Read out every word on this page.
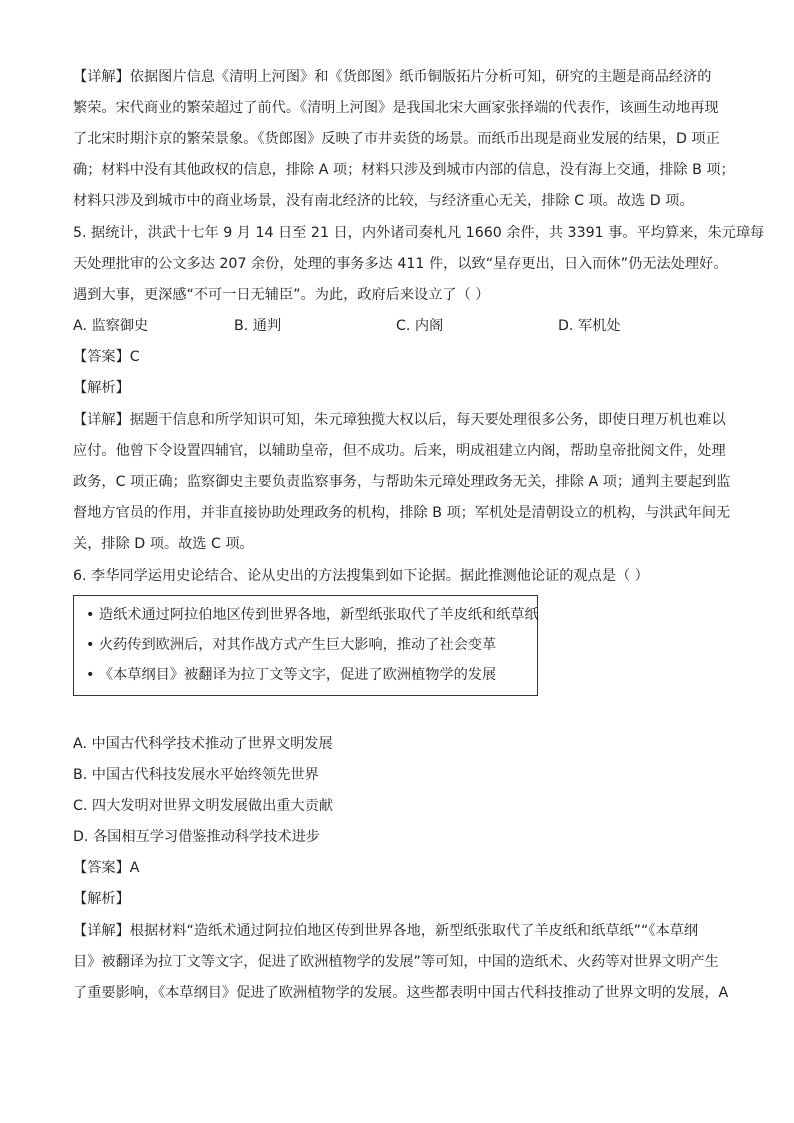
【详解】依据图片信息《清明上河图》和《货郎图》纸币铜版拓片分析可知，研究的主题是商品经济的
繁荣。宋代商业的繁荣超过了前代。《清明上河图》是我国北宋大画家张择端的代表作，该画生动地再现
了北宋时期汴京的繁荣景象。《货郎图》反映了市井卖货的场景。而纸币出现是商业发展的结果，D 项正
确；材料中没有其他政权的信息，排除 A 项；材料只涉及到城市内部的信息，没有海上交通，排除 B 项；
材料只涉及到城市中的商业场景，没有南北经济的比较，与经济重心无关，排除 C 项。故选 D 项。
5. 据统计，洪武十七年 9 月 14 日至 21 日，内外诸司奏札凡 1660 余件，共 3391 事。平均算来，朱元璋每
天处理批审的公文多达 207 余份，处理的事务多达 411 件，以致“星存更出，日入而休”仍无法处理好。
遇到大事，更深感“不可一日无辅臣”。为此，政府后来设立了（ ）
A. 监察御史	B. 通判	C. 内阁	D. 军机处
【答案】C
【解析】
【详解】据题干信息和所学知识可知，朱元璋独揽大权以后，每天要处理很多公务，即使日理万机也难以
应付。他曾下令设置四辅官，以辅助皇帝，但不成功。后来，明成祖建立内阁，帮助皇帝批阅文件，处理
政务，C 项正确；监察御史主要负责监察事务，与帮助朱元璋处理政务无关，排除 A 项；通判主要起到监
督地方官员的作用，并非直接协助处理政务的机构，排除 B 项；军机处是清朝设立的机构，与洪武年间无
关，排除 D 项。故选 C 项。
6. 李华同学运用史论结合、论从史出的方法搜集到如下论据。据此推测他论证的观点是（ ）
• 造纸术通过阿拉伯地区传到世界各地，新型纸张取代了羊皮纸和纸草纸
• 火药传到欧洲后，对其作战方式产生巨大影响，推动了社会变革
• 《本草纲目》被翻译为拉丁文等文字，促进了欧洲植物学的发展
A. 中国古代科学技术推动了世界文明发展
B. 中国古代科技发展水平始终领先世界
C. 四大发明对世界文明发展做出重大贡献
D. 各国相互学习借鉴推动科学技术进步
【答案】A
【解析】
【详解】根据材料“造纸术通过阿拉伯地区传到世界各地，新型纸张取代了羊皮纸和纸草纸”“《本草纲
目》被翻译为拉丁文等文字，促进了欧洲植物学的发展”等可知，中国的造纸术、火药等对世界文明产生
了重要影响，《本草纲目》促进了欧洲植物学的发展。这些都表明中国古代科技推动了世界文明的发展，A
